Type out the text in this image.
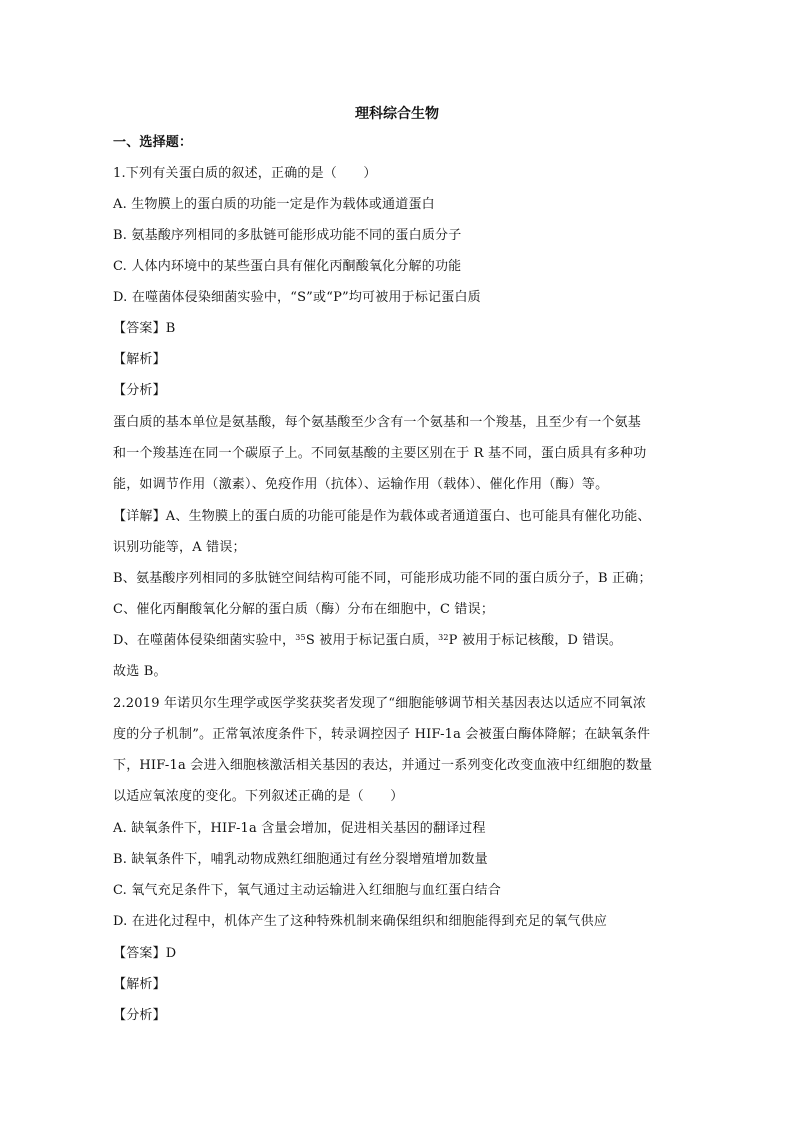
理科综合生物
一、选择题：
1.下列有关蛋白质的叙述，正确的是（　　）
A. 生物膜上的蛋白质的功能一定是作为载体或通道蛋白
B. 氨基酸序列相同的多肽链可能形成功能不同的蛋白质分子
C. 人体内环境中的某些蛋白具有催化丙酮酸氧化分解的功能
D. 在噬菌体侵染细菌实验中，“S”或“P”均可被用于标记蛋白质
【答案】B
【解析】
【分析】
蛋白质的基本单位是氨基酸，每个氨基酸至少含有一个氨基和一个羧基，且至少有一个氨基
和一个羧基连在同一个碳原子上。不同氨基酸的主要区别在于 R 基不同，蛋白质具有多种功
能，如调节作用（激素）、免疫作用（抗体）、运输作用（载体）、催化作用（酶）等。
【详解】A、生物膜上的蛋白质的功能可能是作为载体或者通道蛋白、也可能具有催化功能、
识别功能等，A 错误；
B、氨基酸序列相同的多肽链空间结构可能不同，可能形成功能不同的蛋白质分子，B 正确；
C、催化丙酮酸氧化分解的蛋白质（酶）分布在细胞中，C 错误；
D、在噬菌体侵染细菌实验中，$^{35}$S 被用于标记蛋白质，$^{32}$P 被用于标记核酸，D 错误。
故选 B。
2.2019 年诺贝尔生理学或医学奖获奖者发现了“细胞能够调节相关基因表达以适应不同氧浓
度的分子机制”。正常氧浓度条件下，转录调控因子 HIF-1a 会被蛋白酶体降解；在缺氧条件
下，HIF-1a 会进入细胞核激活相关基因的表达，并通过一系列变化改变血液中红细胞的数量
以适应氧浓度的变化。下列叙述正确的是（　　）
A. 缺氧条件下，HIF-1a 含量会增加，促进相关基因的翻译过程
B. 缺氧条件下，哺乳动物成熟红细胞通过有丝分裂增殖增加数量
C. 氧气充足条件下，氧气通过主动运输进入红细胞与血红蛋白结合
D. 在进化过程中，机体产生了这种特殊机制来确保组织和细胞能得到充足的氧气供应
【答案】D
【解析】
【分析】
